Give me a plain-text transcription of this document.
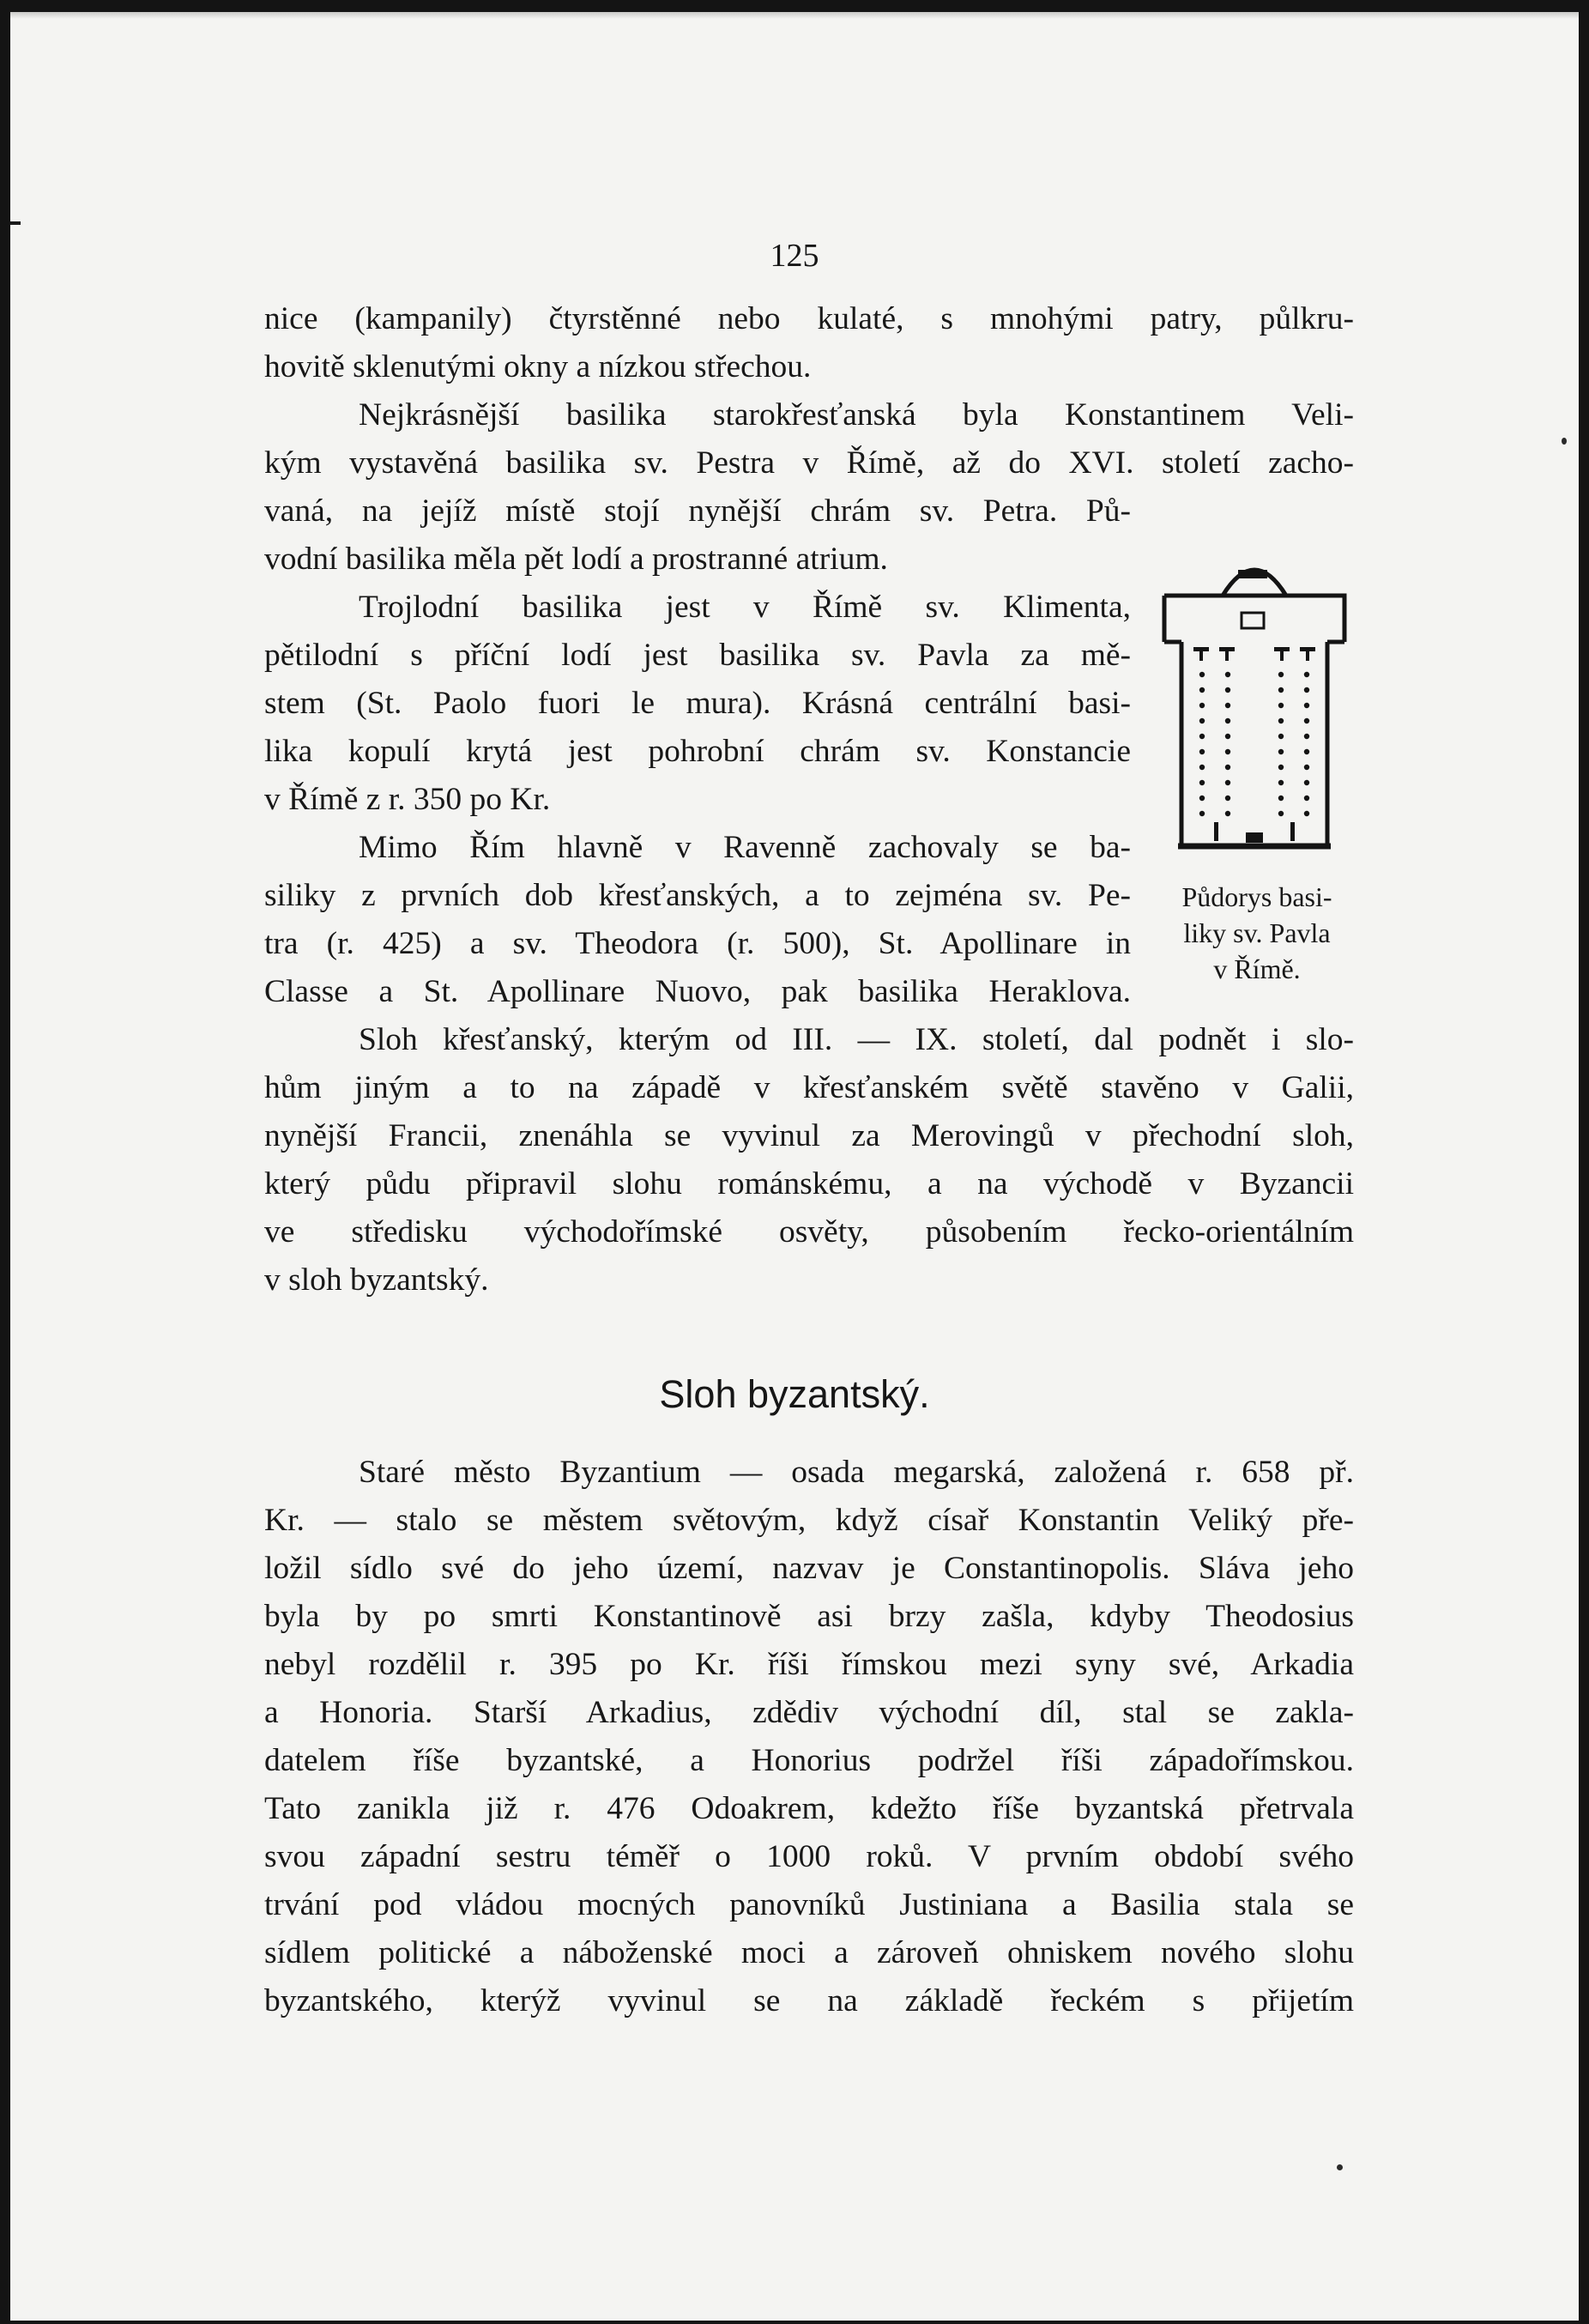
125
nice (kampanily) čtyrstěnné nebo kulaté, s mnohými patry, půlkru-
hovitě sklenutými okny a nízkou střechou.
Nejkrásnější basilika starokřesťanská byla Konstantinem Veli-
kým vystavěná basilika sv. Pestra v Římě, až do XVI. století zacho-
vaná, na jejíž místě stojí nynější chrám sv. Petra. Pů-
vodní basilika měla pět lodí a prostranné atrium.
Trojlodní basilika jest v Římě sv. Klimenta,
pětilodní s příční lodí jest basilika sv. Pavla za mě-
stem (St. Paolo fuori le mura). Krásná centrální basi-
lika kopulí krytá jest pohrobní chrám sv. Konstancie
v Římě z r. 350 po Kr.
Mimo Řím hlavně v Ravenně zachovaly se ba-
siliky z prvních dob křesťanských, a to zejména sv. Pe-
tra (r. 425) a sv. Theodora (r. 500), St. Apollinare in
Classe a St. Apollinare Nuovo, pak basilika Heraklova.
Sloh křesťanský, kterým od III. — IX. století, dal podnět i slo-
hům jiným a to na západě v křesťanském světě stavěno v Galii,
nynější Francii, znenáhla se vyvinul za Merovingů v přechodní sloh,
který půdu připravil slohu románskému, a na východě v Byzancii
ve středisku východořímské osvěty, působením řecko-orientálním
v sloh byzantský.
Půdorys basi-
liky sv. Pavla
v Římě.
Sloh byzantský.
Staré město Byzantium — osada megarská, založená r. 658 př.
Kr. — stalo se městem světovým, když císař Konstantin Veliký pře-
ložil sídlo své do jeho území, nazvav je Constantinopolis. Sláva jeho
byla by po smrti Konstantinově asi brzy zašla, kdyby Theodosius
nebyl rozdělil r. 395 po Kr. říši římskou mezi syny své, Arkadia
a Honoria. Starší Arkadius, zdědiv východní díl, stal se zakla-
datelem říše byzantské, a Honorius podržel říši západořímskou.
Tato zanikla již r. 476 Odoakrem, kdežto říše byzantská přetrvala
svou západní sestru téměř o 1000 roků. V prvním období svého
trvání pod vládou mocných panovníků Justiniana a Basilia stala se
sídlem politické a náboženské moci a zároveň ohniskem nového slohu
byzantského, kterýž vyvinul se na základě řeckém s přijetím
